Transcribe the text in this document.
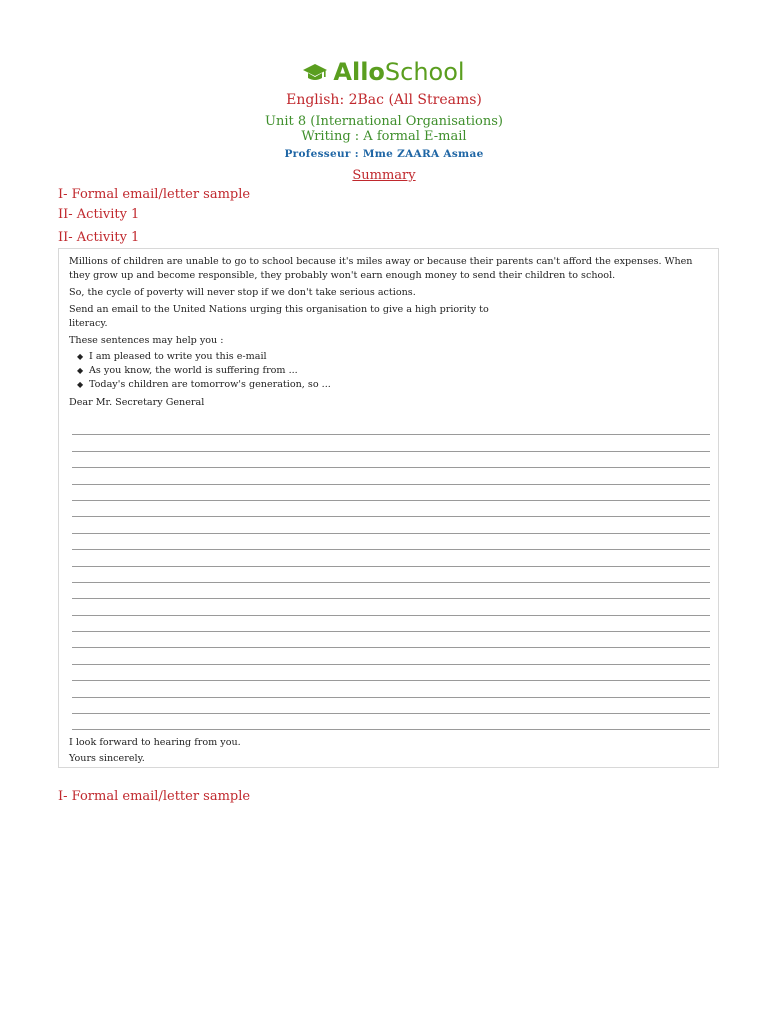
AlloSchool
English: 2Bac (All Streams)
Unit 8 (International Organisations)
Writing : A formal E-mail
Professeur : Mme ZAARA Asmae
Summary
I- Formal email/letter sample
II- Activity 1
II- Activity 1

Millions of children are unable to go to school because it's miles away or because their parents can't afford the expenses. When they grow up and become responsible, they probably won't earn enough money to send their children to school.

So, the cycle of poverty will never stop if we don't take serious actions.

Send an email to the United Nations urging this organisation to give a high priority to
literacy.

These sentences may help you :

◆ I am pleased to write you this e-mail
◆ As you know, the world is suffering from ...
◆ Today's children are tomorrow's generation, so ...

Dear Mr. Secretary General

I look forward to hearing from you.

Yours sincerely.

I- Formal email/letter sample
